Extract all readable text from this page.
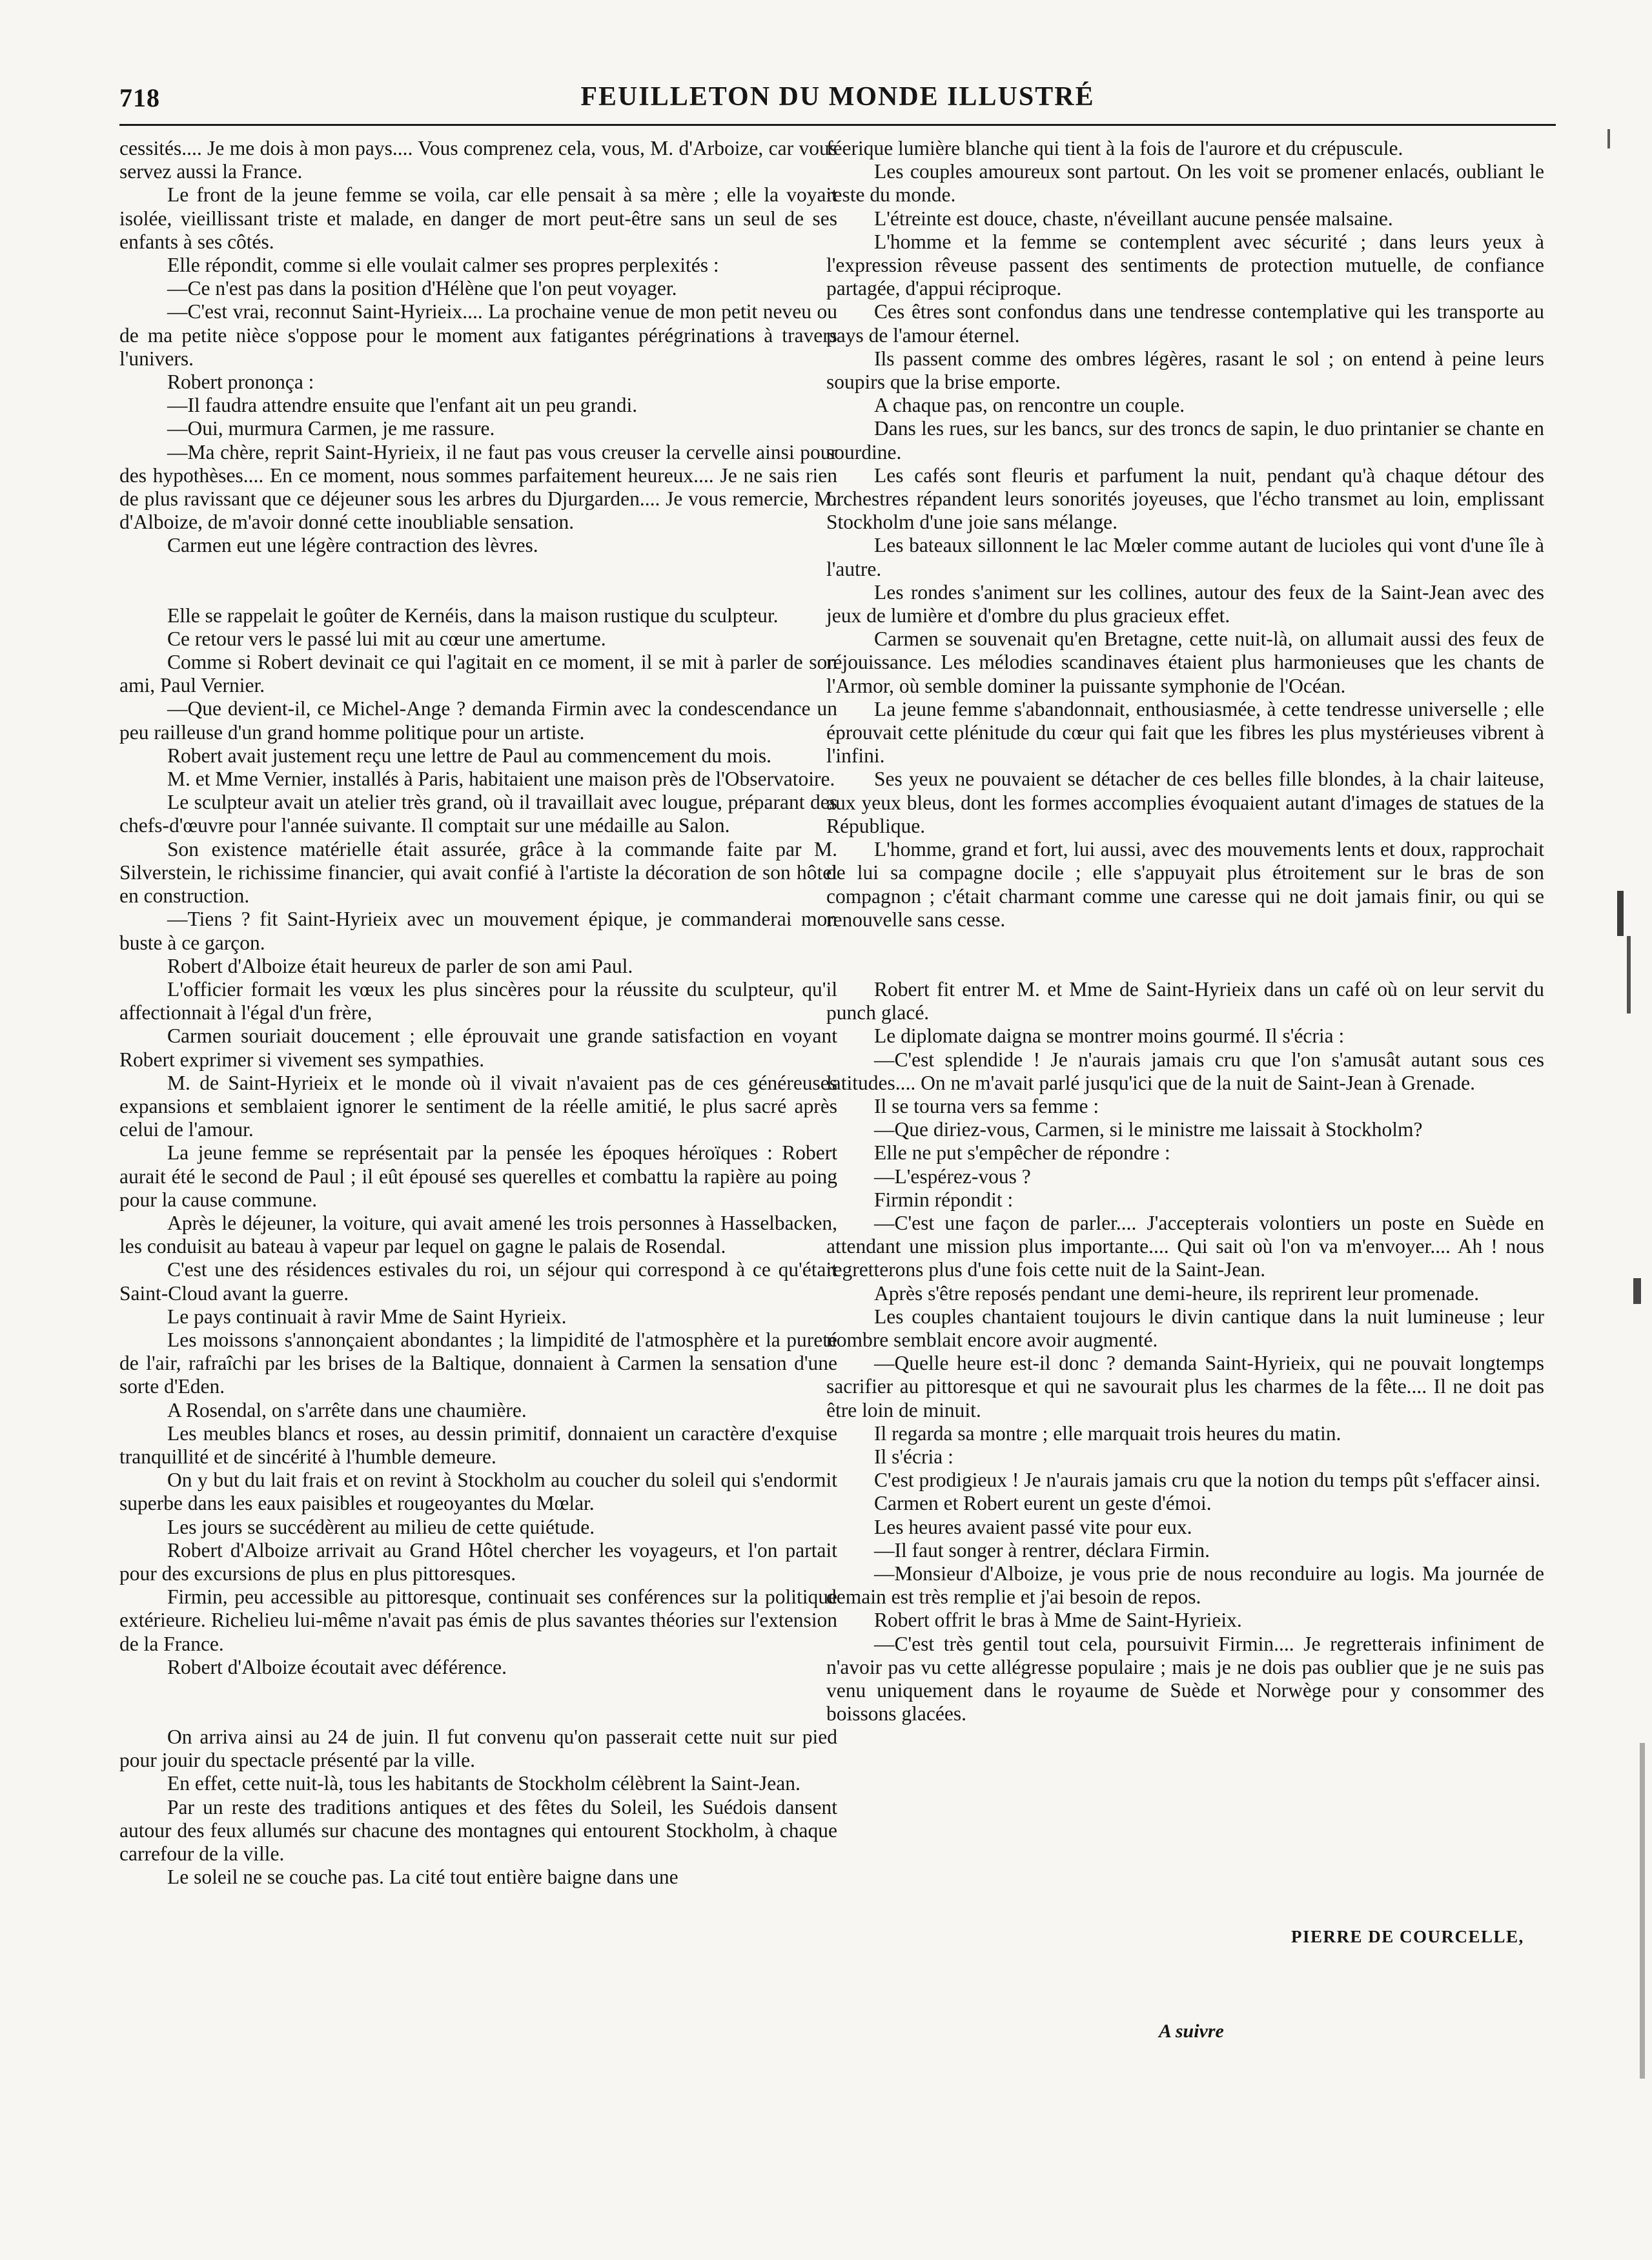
718	FEUILLETON DU MONDE ILLUSTRÉ

cessités.... Je me dois à mon pays.... Vous comprenez cela, vous, M. d'Arboize, car vous servez aussi la France.

Le front de la jeune femme se voila, car elle pensait à sa mère ; elle la voyait isolée, vieillissant triste et malade, en danger de mort peut-être sans un seul de ses enfants à ses côtés.

Elle répondit, comme si elle voulait calmer ses propres perplexités :

—Ce n'est pas dans la position d'Hélène que l'on peut voyager.

—C'est vrai, reconnut Saint-Hyrieix.... La prochaine venue de mon petit neveu ou de ma petite nièce s'oppose pour le moment aux fatigantes pérégrinations à travers l'univers.

Robert prononça :

—Il faudra attendre ensuite que l'enfant ait un peu grandi.

—Oui, murmura Carmen, je me rassure.

—Ma chère, reprit Saint-Hyrieix, il ne faut pas vous creuser la cervelle ainsi pour des hypothèses.... En ce moment, nous sommes parfaitement heureux.... Je ne sais rien de plus ravissant que ce déjeuner sous les arbres du Djurgarden.... Je vous remercie, M. d'Alboize, de m'avoir donné cette inoubliable sensation.

Carmen eut une légère contraction des lèvres.

Elle se rappelait le goûter de Kernéis, dans la maison rustique du sculpteur.

Ce retour vers le passé lui mit au cœur une amertume.

Comme si Robert devinait ce qui l'agitait en ce moment, il se mit à parler de son ami, Paul Vernier.

—Que devient-il, ce Michel-Ange ? demanda Firmin avec la condescendance un peu railleuse d'un grand homme politique pour un artiste.

Robert avait justement reçu une lettre de Paul au commencement du mois.

M. et Mme Vernier, installés à Paris, habitaient une maison près de l'Observatoire.

Le sculpteur avait un atelier très grand, où il travaillait avec lougue, préparant des chefs-d'œuvre pour l'année suivante. Il comptait sur une médaille au Salon.

Son existence matérielle était assurée, grâce à la commande faite par M. Silverstein, le richissime financier, qui avait confié à l'artiste la décoration de son hôtel en construction.

—Tiens ? fit Saint-Hyrieix avec un mouvement épique, je commanderai mon buste à ce garçon.

Robert d'Alboize était heureux de parler de son ami Paul.

L'officier formait les vœux les plus sincères pour la réussite du sculpteur, qu'il affectionnait à l'égal d'un frère,

Carmen souriait doucement ; elle éprouvait une grande satisfaction en voyant Robert exprimer si vivement ses sympathies.

M. de Saint-Hyrieix et le monde où il vivait n'avaient pas de ces généreuses expansions et semblaient ignorer le sentiment de la réelle amitié, le plus sacré après celui de l'amour.

La jeune femme se représentait par la pensée les époques héroïques : Robert aurait été le second de Paul ; il eût épousé ses querelles et combattu la rapière au poing pour la cause commune.

Après le déjeuner, la voiture, qui avait amené les trois personnes à Hasselbacken, les conduisit au bateau à vapeur par lequel on gagne le palais de Rosendal.

C'est une des résidences estivales du roi, un séjour qui correspond à ce qu'était Saint-Cloud avant la guerre.

Le pays continuait à ravir Mme de Saint Hyrieix.

Les moissons s'annonçaient abondantes ; la limpidité de l'atmosphère et la pureté de l'air, rafraîchi par les brises de la Baltique, donnaient à Carmen la sensation d'une sorte d'Eden.

A Rosendal, on s'arrête dans une chaumière.

Les meubles blancs et roses, au dessin primitif, donnaient un caractère d'exquise tranquillité et de sincérité à l'humble demeure.

On y but du lait frais et on revint à Stockholm au coucher du soleil qui s'endormit superbe dans les eaux paisibles et rougeoyantes du Mœlar.

Les jours se succédèrent au milieu de cette quiétude.

Robert d'Alboize arrivait au Grand Hôtel chercher les voyageurs, et l'on partait pour des excursions de plus en plus pittoresques.

Firmin, peu accessible au pittoresque, continuait ses conférences sur la politique extérieure. Richelieu lui-même n'avait pas émis de plus savantes théories sur l'extension de la France.

Robert d'Alboize écoutait avec déférence.

On arriva ainsi au 24 de juin. Il fut convenu qu'on passerait cette nuit sur pied pour jouir du spectacle présenté par la ville.

En effet, cette nuit-là, tous les habitants de Stockholm célèbrent la Saint-Jean.

Par un reste des traditions antiques et des fêtes du Soleil, les Suédois dansent autour des feux allumés sur chacune des montagnes qui entourent Stockholm, à chaque carrefour de la ville.

Le soleil ne se couche pas. La cité tout entière baigne dans une

féerique lumière blanche qui tient à la fois de l'aurore et du crépuscule.

Les couples amoureux sont partout. On les voit se promener enlacés, oubliant le reste du monde.

L'étreinte est douce, chaste, n'éveillant aucune pensée malsaine.

L'homme et la femme se contemplent avec sécurité ; dans leurs yeux à l'expression rêveuse passent des sentiments de protection mutuelle, de confiance partagée, d'appui réciproque.

Ces êtres sont confondus dans une tendresse contemplative qui les transporte au pays de l'amour éternel.

Ils passent comme des ombres légères, rasant le sol ; on entend à peine leurs soupirs que la brise emporte.

A chaque pas, on rencontre un couple.

Dans les rues, sur les bancs, sur des troncs de sapin, le duo printanier se chante en sourdine.

Les cafés sont fleuris et parfument la nuit, pendant qu'à chaque détour des orchestres répandent leurs sonorités joyeuses, que l'écho transmet au loin, emplissant Stockholm d'une joie sans mélange.

Les bateaux sillonnent le lac Mœler comme autant de lucioles qui vont d'une île à l'autre.

Les rondes s'animent sur les collines, autour des feux de la Saint-Jean avec des jeux de lumière et d'ombre du plus gracieux effet.

Carmen se souvenait qu'en Bretagne, cette nuit-là, on allumait aussi des feux de réjouissance. Les mélodies scandinaves étaient plus harmonieuses que les chants de l'Armor, où semble dominer la puissante symphonie de l'Océan.

La jeune femme s'abandonnait, enthousiasmée, à cette tendresse universelle ; elle éprouvait cette plénitude du cœur qui fait que les fibres les plus mystérieuses vibrent à l'infini.

Ses yeux ne pouvaient se détacher de ces belles fille blondes, à la chair laiteuse, aux yeux bleus, dont les formes accomplies évoquaient autant d'images de statues de la République.

L'homme, grand et fort, lui aussi, avec des mouvements lents et doux, rapprochait de lui sa compagne docile ; elle s'appuyait plus étroitement sur le bras de son compagnon ; c'était charmant comme une caresse qui ne doit jamais finir, ou qui se renouvelle sans cesse.

Robert fit entrer M. et Mme de Saint-Hyrieix dans un café où on leur servit du punch glacé.

Le diplomate daigna se montrer moins gourmé. Il s'écria :

—C'est splendide ! Je n'aurais jamais cru que l'on s'amusât autant sous ces latitudes.... On ne m'avait parlé jusqu'ici que de la nuit de Saint-Jean à Grenade.

Il se tourna vers sa femme :

—Que diriez-vous, Carmen, si le ministre me laissait à Stockholm?

Elle ne put s'empêcher de répondre :

—L'espérez-vous ?

Firmin répondit :

—C'est une façon de parler.... J'accepterais volontiers un poste en Suède en attendant une mission plus importante.... Qui sait où l'on va m'envoyer.... Ah ! nous regretterons plus d'une fois cette nuit de la Saint-Jean.

Après s'être reposés pendant une demi-heure, ils reprirent leur promenade.

Les couples chantaient toujours le divin cantique dans la nuit lumineuse ; leur nombre semblait encore avoir augmenté.

—Quelle heure est-il donc ? demanda Saint-Hyrieix, qui ne pouvait longtemps sacrifier au pittoresque et qui ne savourait plus les charmes de la fête.... Il ne doit pas être loin de minuit.

Il regarda sa montre ; elle marquait trois heures du matin.

Il s'écria :

C'est prodigieux ! Je n'aurais jamais cru que la notion du temps pût s'effacer ainsi.

Carmen et Robert eurent un geste d'émoi.

Les heures avaient passé vite pour eux.

—Il faut songer à rentrer, déclara Firmin.

—Monsieur d'Alboize, je vous prie de nous reconduire au logis. Ma journée de demain est très remplie et j'ai besoin de repos.

Robert offrit le bras à Mme de Saint-Hyrieix.

—C'est très gentil tout cela, poursuivit Firmin.... Je regretterais infiniment de n'avoir pas vu cette allégresse populaire ; mais je ne dois pas oublier que je ne suis pas venu uniquement dans le royaume de Suède et Norwège pour y consommer des boissons glacées.

PIERRE DE COURCELLE,
A suivre
